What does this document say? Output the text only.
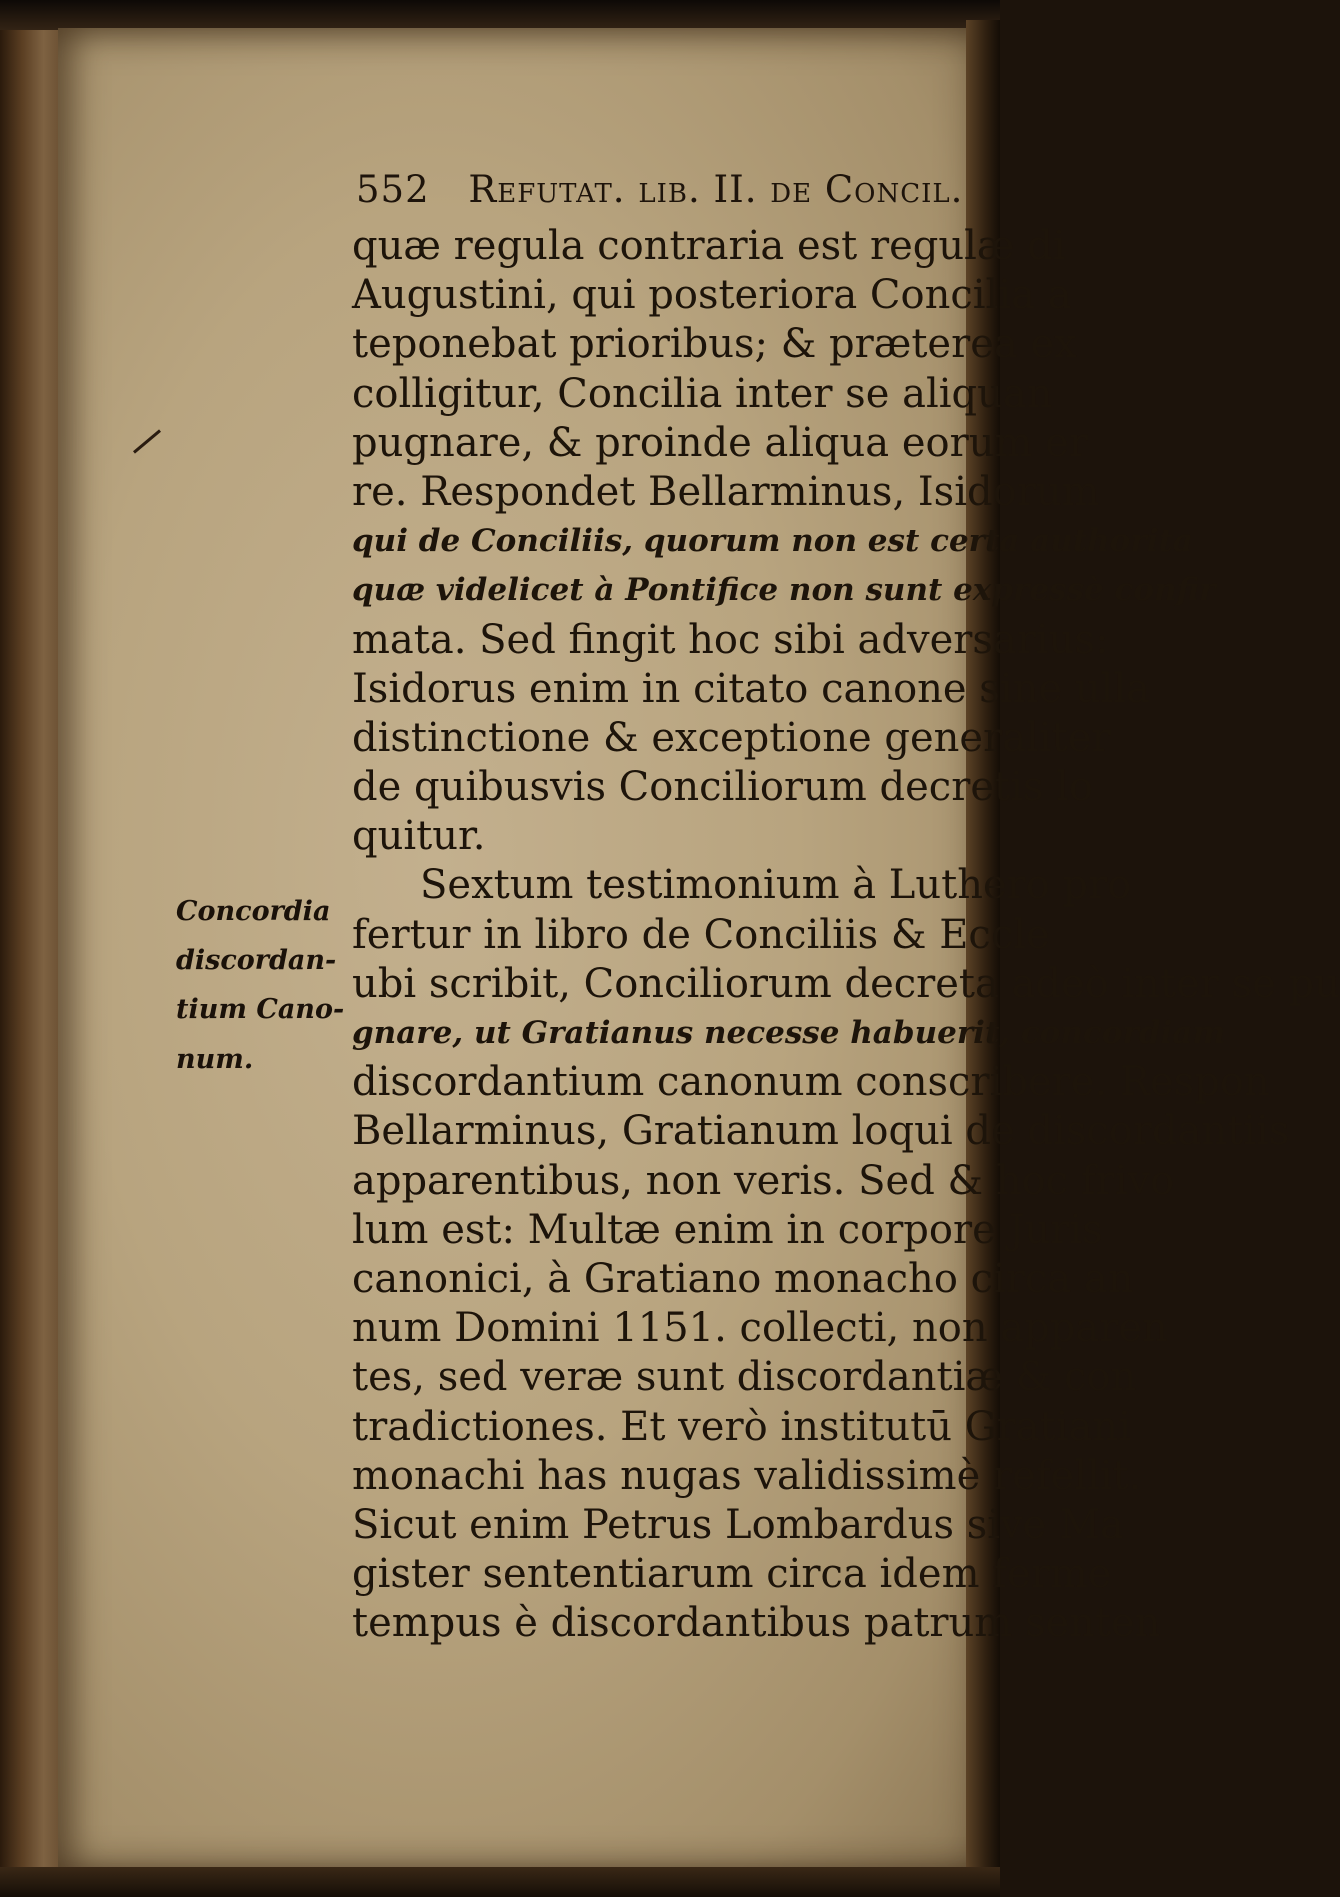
552 Refutat. lib. II. de Concil.
Concordia
discordan-
tium Cano-
num.
quæ regula contraria est regulæ di
Augustini, qui posteriora Concilia a
teponebat prioribus; & præterea ex
colligitur, Concilia inter se aliquan
pugnare, & proinde aliqua eorum er
re. Respondet Bellarminus, Isidorum
qui de Conciliis, quorum non est certa authorita
quæ videlicet à Pontifice non sunt expressè confir
mata. Sed fingit hoc sibi adversarius:
Isidorus enim in citato canone sine ulla
distinctione & exceptione generaliter
de quibusvis Conciliorum decretis lo
quitur.
Sextum testimonium à Luthero pro
fertur in libro de Conciliis & Eccle
ubi scribit, Conciliorum decreta adeò inter se pu
gnare, ut Gratianus necesse habuerit, concordiam
discordantium canonum conscribere. Respon
Bellarminus, Gratianum loqui de discordantiis
apparentibus, non veris. Sed & hoc frivo
lum est: Multæ enim in corpore Juris
canonici, à Gratiano monacho circa an
num Domini 1151. collecti, non apparen
tes, sed veræ sunt discordantiæ & con
tradictiones. Et verò institutū Gratiani
monachi has nugas validissimè refellit.
Sicut enim Petrus Lombardus sive Ma
gister sententiarum circa idem ferme
tempus è discordantibus patrum senten
